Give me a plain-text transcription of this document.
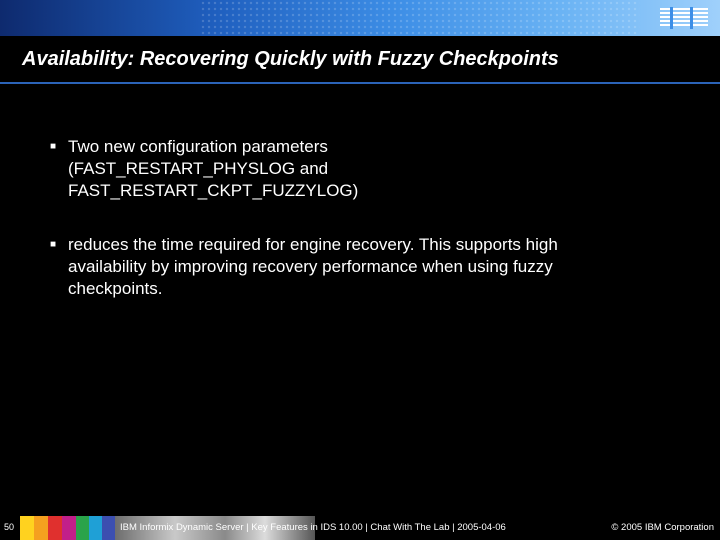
Availability: Recovering Quickly with Fuzzy Checkpoints
■ Two new configuration parameters
(FAST_RESTART_PHYSLOG and
FAST_RESTART_CKPT_FUZZYLOG)
■ reduces the time required for engine recovery. This supports high
availability by improving recovery performance when using fuzzy
checkpoints.
50	IBM Informix Dynamic Server | Key Features in IDS 10.00 | Chat With The Lab | 2005-04-06	© 2005 IBM Corporation
